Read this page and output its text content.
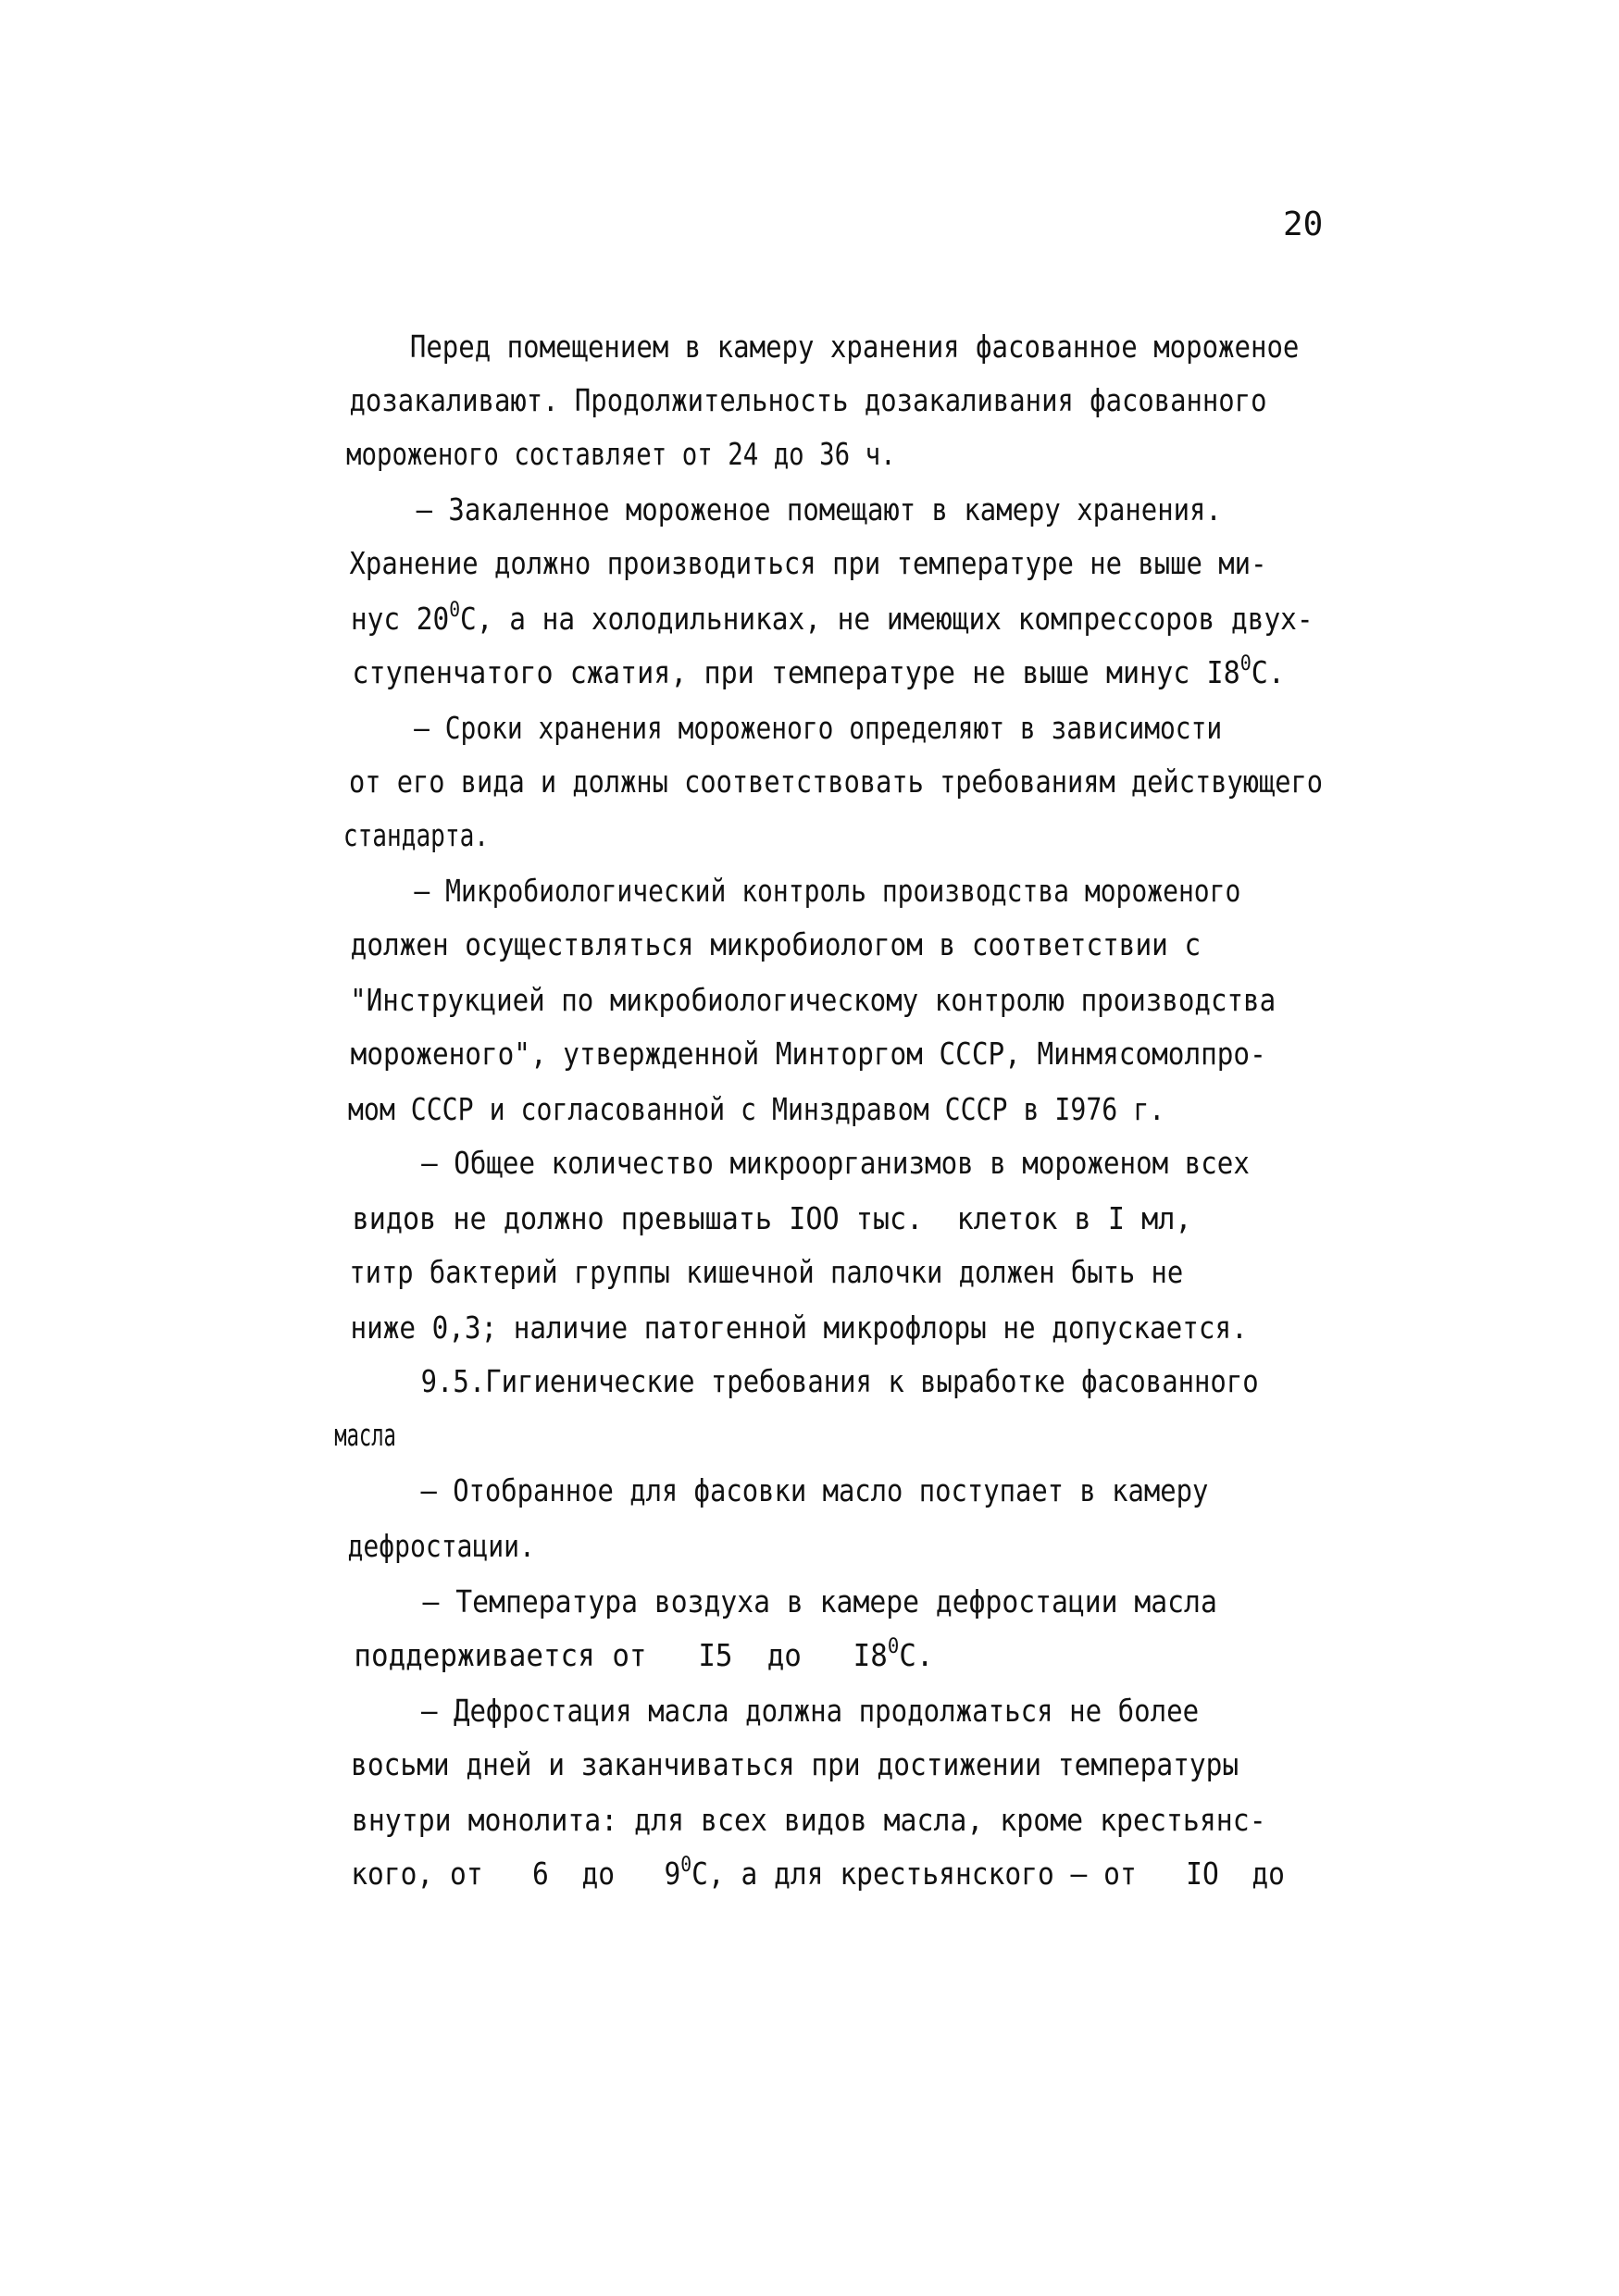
20

Перед помещением в камеру хранения фасованное мороженое

дозакаливают. Продолжительность дозакаливания фасованного

мороженого составляет от 24 до 36 ч.

– Закаленное мороженое помещают в камеру хранения.

Хранение должно производиться при температуре не выше ми-

нус $20^0С$, а на холодильниках, не имеющих компрессоров двух-

ступенчатого сжатия, при температуре не выше минус $I8^0С$.

– Сроки хранения мороженого определяют в зависимости

от его вида и должны соответствовать требованиям действующего

стандарта.

– Микробиологический контроль производства мороженого

должен осуществляться микробиологом в соответствии с

"Инструкцией по микробиологическому контролю производства

мороженого", утвержденной Минторгом СССР, Минмясомолпро-

мом СССР и согласованной с Минздравом СССР в I976 г.

– Общее количество микроорганизмов в мороженом всех

видов не должно превышать IОО тыс.  клеток в I мл,

титр бактерий группы кишечной палочки должен быть не

ниже 0,3; наличие патогенной микрофлоры не допускается.

9.5.Гигиенические требования к выработке фасованного

масла

– Отобранное для фасовки масло поступает в камеру

дефростации.

– Температура воздуха в камере дефростации масла

поддерживается от   I5  до   $I8^0С$.

– Дефростация масла должна продолжаться не более

восьми дней и заканчиваться при достижении температуры

внутри монолита: для всех видов масла, кроме крестьянс-

кого, от   6  до   $9^0С$, а для крестьянского – от   IО  до
